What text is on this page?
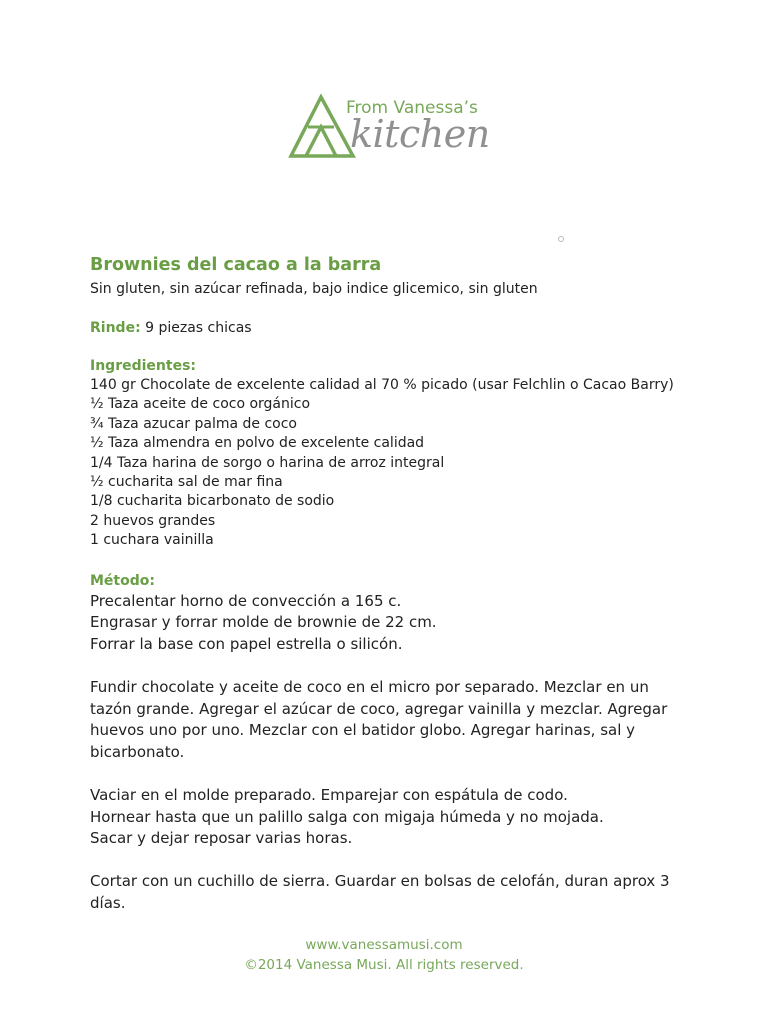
From Vanessa’s
kitchen
Brownies del cacao a la barra
Sin gluten, sin azúcar refinada, bajo indice glicemico, sin gluten
Rinde: 9 piezas chicas
Ingredientes:
140 gr Chocolate de excelente calidad al 70 % picado (usar Felchlin o Cacao Barry)
½ Taza aceite de coco orgánico
¾ Taza azucar palma de coco
½ Taza almendra en polvo de excelente calidad
1/4 Taza harina de sorgo o harina de arroz integral
½ cucharita sal de mar fina
1/8 cucharita bicarbonato de sodio
2 huevos grandes
1 cuchara vainilla
Método:

Precalentar horno de convección a 165 c.
Engrasar y forrar molde de brownie de 22 cm.
Forrar la base con papel estrella o silicón.

Fundir chocolate y aceite de coco en el micro por separado. Mezclar en un tazón grande. Agregar el azúcar de coco, agregar vainilla y mezclar. Agregar huevos uno por uno. Mezclar con el batidor globo. Agregar harinas, sal y bicarbonato.

Vaciar en el molde preparado. Emparejar con espátula de codo.
Hornear hasta que un palillo salga con migaja húmeda y no mojada.
Sacar y dejar reposar varias horas.

Cortar con un cuchillo de sierra. Guardar en bolsas de celofán, duran aprox 3 días.

www.vanessamusi.com
©2014 Vanessa Musi. All rights reserved.
